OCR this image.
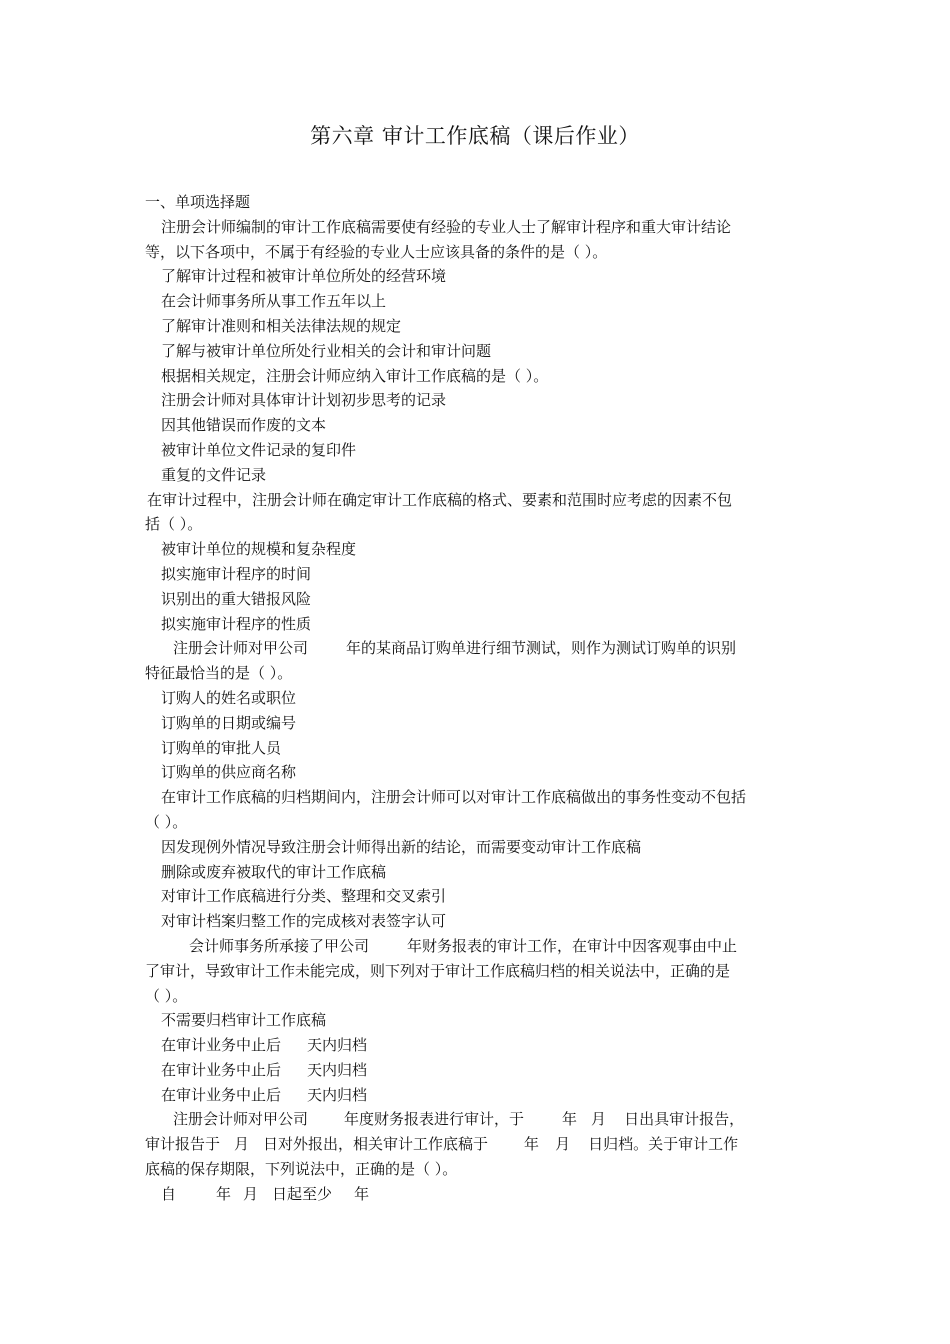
第六章 审计工作底稿（课后作业）
一、单项选择题
注册会计师编制的审计工作底稿需要使有经验的专业人士了解审计程序和重大审计结论
等，以下各项中，不属于有经验的专业人士应该具备的条件的是（ ）。
了解审计过程和被审计单位所处的经营环境
在会计师事务所从事工作五年以上
了解审计准则和相关法律法规的规定
了解与被审计单位所处行业相关的会计和审计问题
根据相关规定，注册会计师应纳入审计工作底稿的是（ ）。
注册会计师对具体审计计划初步思考的记录
因其他错误而作废的文本
被审计单位文件记录的复印件
重复的文件记录
在审计过程中，注册会计师在确定审计工作底稿的格式、要素和范围时应考虑的因素不包
括（ ）。
被审计单位的规模和复杂程度
拟实施审计程序的时间
识别出的重大错报风险
拟实施审计程序的性质
注册会计师对甲公司	年的某商品订购单进行细节测试，则作为测试订购单的识别
特征最恰当的是（ ）。
订购人的姓名或职位
订购单的日期或编号
订购单的审批人员
订购单的供应商名称
在审计工作底稿的归档期间内，注册会计师可以对审计工作底稿做出的事务性变动不包括
（ ）。
因发现例外情况导致注册会计师得出新的结论，而需要变动审计工作底稿
删除或废弃被取代的审计工作底稿
对审计工作底稿进行分类、整理和交叉索引
对审计档案归整工作的完成核对表签字认可
会计师事务所承接了甲公司	年财务报表的审计工作，在审计中因客观事由中止
了审计，导致审计工作未能完成，则下列对于审计工作底稿归档的相关说法中，正确的是
（ ）。
不需要归档审计工作底稿
在审计业务中止后 天内归档
在审计业务中止后 天内归档
在审计业务中止后 天内归档
注册会计师对甲公司 年度财务报表进行审计，于	年 月 日出具审计报告，
审计报告于 月 日对外报出，相关审计工作底稿于 年 月 日归档。关于审计工作
底稿的保存期限，下列说法中，正确的是（ ）。
自	年 月 日起至少 年
